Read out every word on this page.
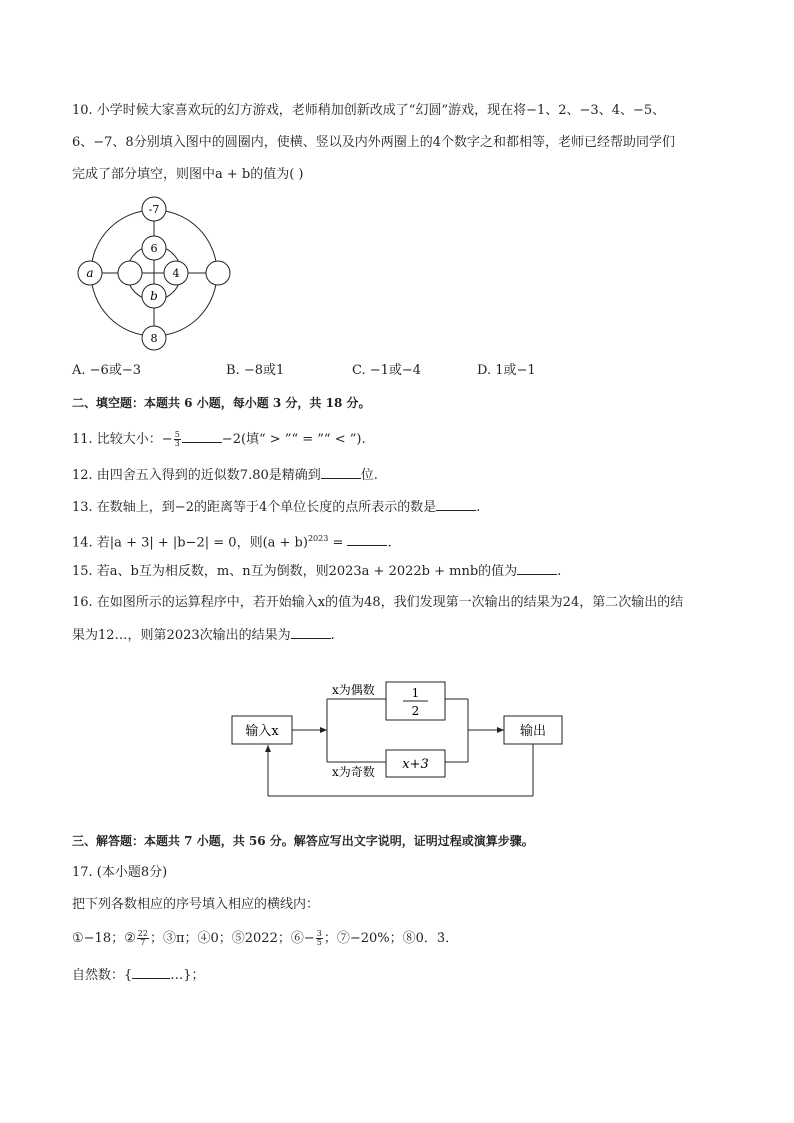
10. 小学时候大家喜欢玩的幻方游戏，老师稍加创新改成了“幻圆”游戏，现在将−1、2、−3、4、−5、
6、−7、8分别填入图中的圆圈内，使横、竖以及内外两圈上的4个数字之和都相等，老师已经帮助同学们
完成了部分填空，则图中a + b的值为( )
-7
6
a	4
b
8
A. −6或−3	B. −8或1	C. −1或−4	D. 1或−1
二、填空题：本题共 6 小题，每小题 3 分，共 18 分。
11. 比较大小：− $\frac{5}{3}$	−2(填“ > ”“ = ”“ < ”).
12. 由四舍五入得到的近似数7.80是精确到	位.
13. 在数轴上，到−2的距离等于4个单位长度的点所表示的数是	.
14. 若|a + 3| + |b−2| = 0，则$(a + b)^{2023}$ =	.
15. 若a、b互为相反数，m、n互为倒数，则2023a + 2022b + mnb的值为	.
16. 在如图所示的运算程序中，若开始输入x的值为48，我们发现第一次输出的结果为24，第二次输出的结
果为12…，则第2023次输出的结果为	.
输入x
1
2
x+3
输出
x为偶数
x为奇数
三、解答题：本题共 7 小题，共 56 分。解答应写出文字说明，证明过程或演算步骤。
17. (本小题8分)
把下列各数相应的序号填入相应的横线内：
①−18；② $\frac{22}{7}$ ；③π；④0；⑤2022；⑥− $\frac{3}{5}$ ；⑦−20%；⑧0．3̇．
自然数：{	…}；
